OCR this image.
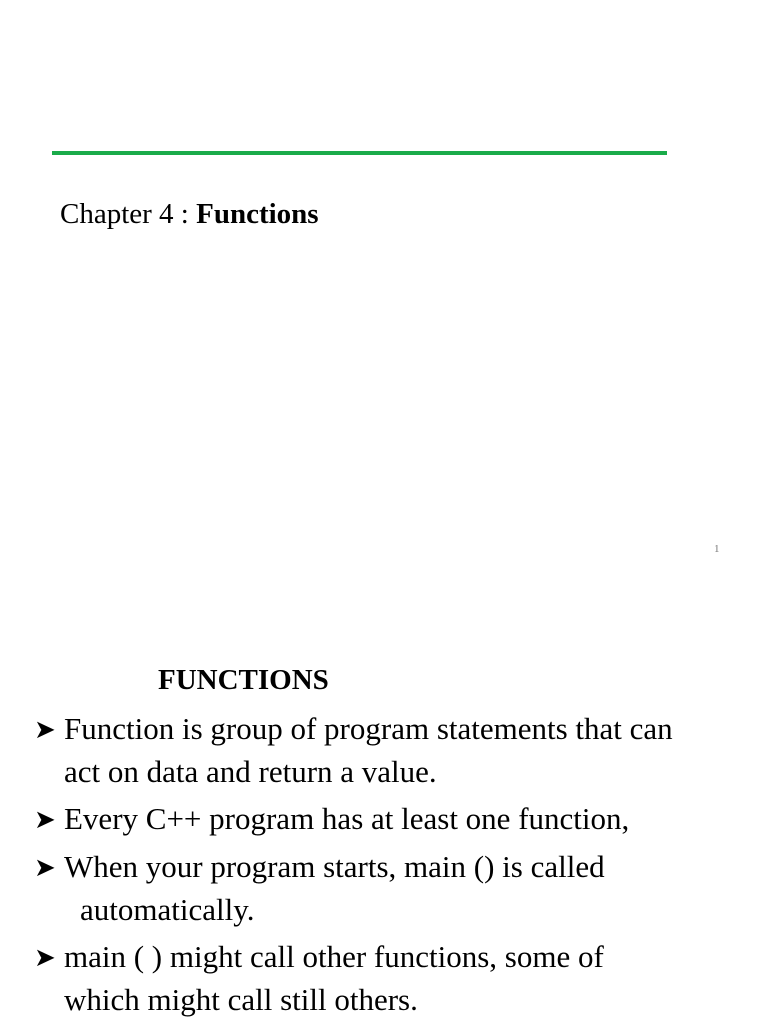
Chapter 4 : Functions
1
FUNCTIONS
➤ Function is group of program statements that can
act on data and return a value.
➤ Every C++ program has at least one function,
➤ When your program starts, main () is called
automatically.
➤ main ( ) might call other functions, some of
which might call still others.
